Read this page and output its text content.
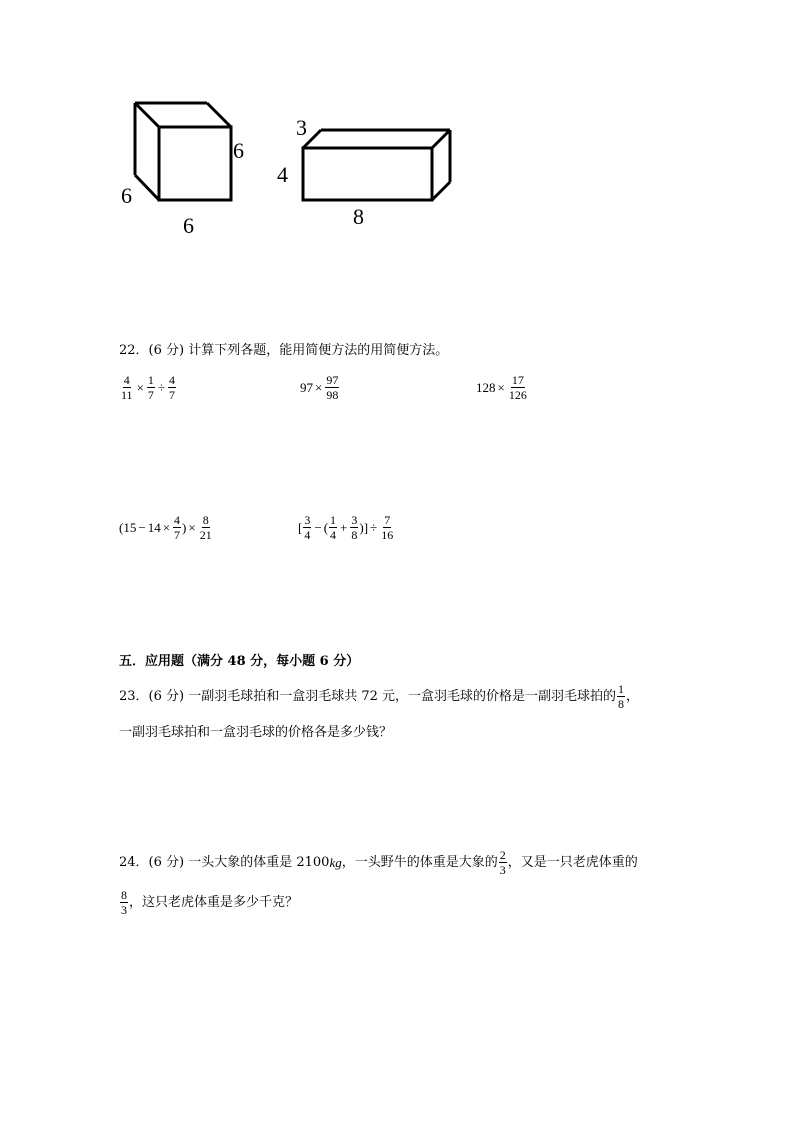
6
6
6
3
4
8
22．(6 分) 计算下列各题，能用简便方法的用简便方法。
$\frac{4}{11} \times \frac{1}{7} \div \frac{4}{7}$	$97 \times \frac{97}{98}$	$128 \times \frac{17}{126}$
($15 - 14 \times \frac{4}{7}$ ) × $\frac{8}{21}$	[ $\frac{3}{4}$ − ( $\frac{1}{4} + \frac{3}{8}$ )] ÷ $\frac{7}{16}$
五．应用题（满分 48 分，每小题 6 分）
23．(6 分) 一副羽毛球拍和一盒羽毛球共 72 元，一盒羽毛球的价格是一副羽毛球拍的 $\frac{1}{8}$ ，
一副羽毛球拍和一盒羽毛球的价格各是多少钱？
24．(6 分) 一头大象的体重是 2100 kg ，一头野牛的体重是大象的 $\frac{2}{3}$ ，又是一只老虎体重的
$\frac{8}{3}$ ，这只老虎体重是多少千克？
